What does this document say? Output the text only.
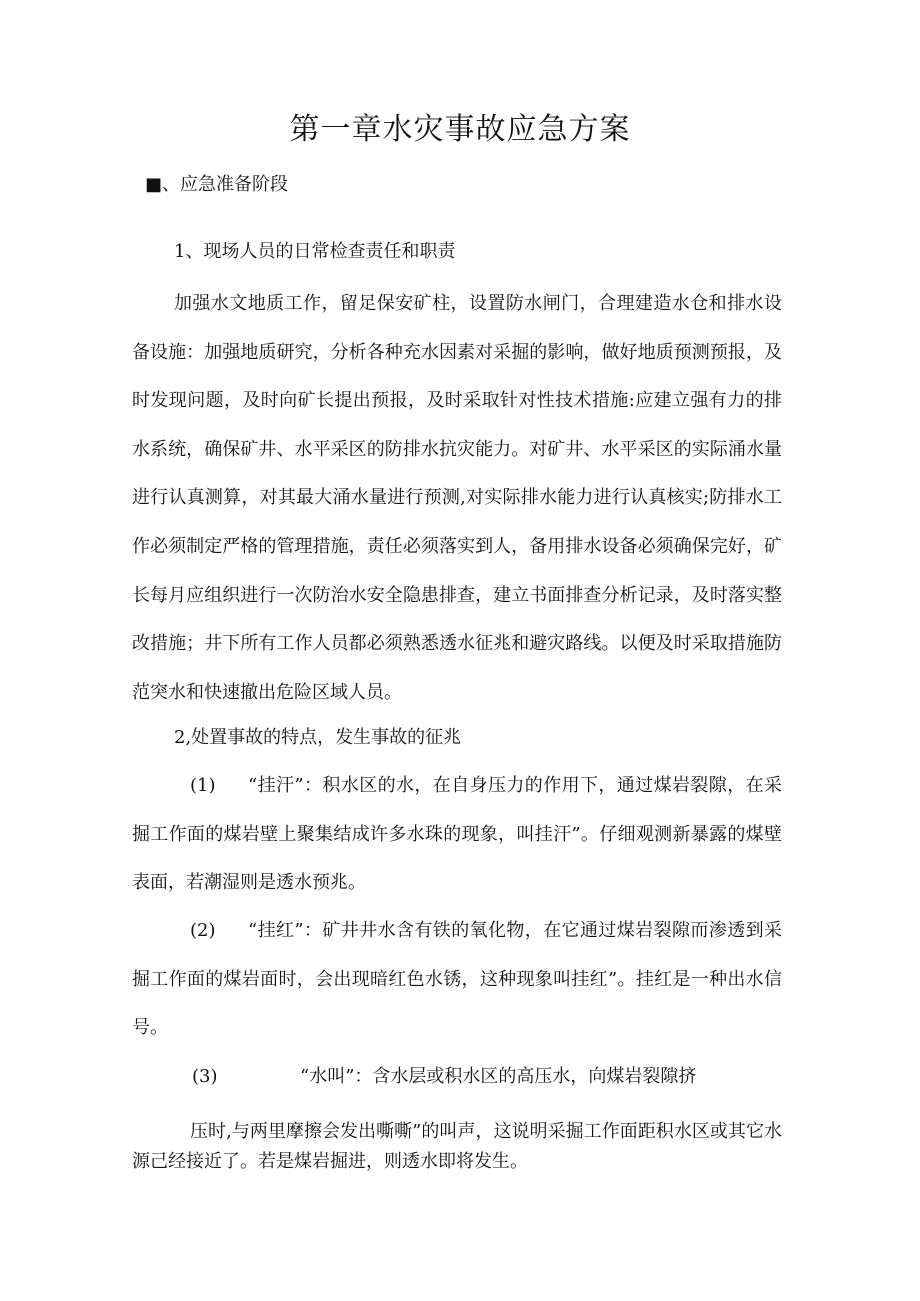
第一章水灾事故应急方案
■、应急准备阶段
1、现场人员的日常检查责任和职责
加强水文地质工作，留足保安矿柱，设置防水闸门，合理建造水仓和排水设备设施：加强地质研究，分析各种充水因素对采掘的影响，做好地质预测预报，及时发现问题，及时向矿长提出预报，及时采取针对性技术措施:应建立强有力的排水系统，确保矿井、水平采区的防排水抗灾能力。对矿井、水平采区的实际涌水量进行认真测算，对其最大涌水量进行预测,对实际排水能力进行认真核实;防排水工作必须制定严格的管理措施，责任必须落实到人，备用排水设备必须确保完好，矿长每月应组织进行一次防治水安全隐患排查，建立书面排查分析记录，及时落实整改措施；井下所有工作人员都必须熟悉透水征兆和避灾路线。以便及时采取措施防范突水和快速撤出危险区域人员。
2,处置事故的特点，发生事故的征兆
(1) “挂汗”：积水区的水，在自身压力的作用下，通过煤岩裂隙，在采掘工作面的煤岩壁上聚集结成许多水珠的现象，叫挂汗”。仔细观测新暴露的煤壁表面，若潮湿则是透水预兆。
(2) “挂红”：矿井井水含有铁的氧化物，在它通过煤岩裂隙而渗透到采掘工作面的煤岩面时，会出现暗红色水锈，这种现象叫挂红”。挂红是一种出水信号。
(3)	“水叫”：含水层或积水区的高压水，向煤岩裂隙挤
压时,与两里摩擦会发出嘶嘶”的叫声，这说明采掘工作面距积水区或其它水源己经接近了。若是煤岩掘进，则透水即将发生。
